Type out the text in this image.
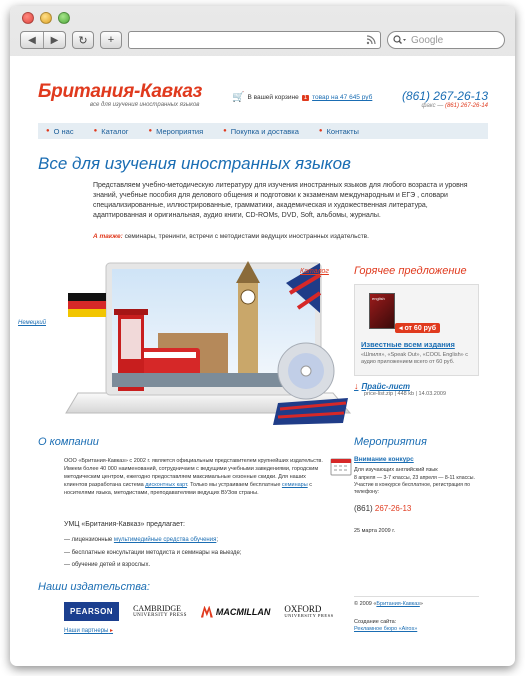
◀ ▶ ↻ +	Google
Британия-Кавказ
все для изучения иностранных языков
🛒 В вашей корзине 1 товар на 47 645 руб (861) 267-26-13
факс — (861) 267-26-14
● О нас	● Каталог	● Мероприятия	● Покупка и доставка	● Контакты
Все для изучения иностранных языков

Представляем учебно-методическую литературу для изучения иностранных языков для любого возраста и уровня знаний, учебные пособия для делового общения и подготовки к экзаменам международным и ЕГЭ , словари специализированные, иллюстрированные, грамматики, академическая и художественная литература, адаптированная и оригинальная, аудио книги, CD-ROMs, DVD, Soft, альбомы, журналы.

А также: семинары, тренинги, встречи с методистами ведущих иностранных издательств.

Немецкий
Каталог Горячее предложение
english
◂ от 60 руб
Известные всем издания
«Шпиля», «Speak Out», «COOL English» с аудио приложением всего от 60 руб.
↓ Прайс-лист
price-list.zip | 448 kb | 14.03.2009
О компании

ООО «Британия-Кавказ» с 2002 г. является официальным представителем крупнейших издательств. Имеем более 40 000 наименований, сотрудничаем с ведущими учебными заведениями, городским методическим центром, ежегодно предоставляем максимальные сезонные скидки. Для наших клиентов разработана система дисконтных карт. Только мы устраиваем бесплатные семинары с носителями языка, методистами, преподавателями ведущих ВУЗов страны.

УМЦ «Британия-Кавказ» предлагает:
— лицензионные мультимедийные средства обучения;
— бесплатные консультации методиста и семинары на выезде;
— обучение детей и взрослых.
Мероприятия
Внимание конкурс
Для изучающих английский язык
8 апреля — 3-7 классы, 23 апреля — 8-11 классы. Участие в конкурсе бесплатное, регистрация по телефону:
(861) 267-26-13
25 марта 2009 г.
Наши издательства:
PEARSON	CAMBRIDGE
UNIVERSITY PRESS	MACMILLAN OXFORD
UNIVERSITY PRESS
Наши партнеры ▸
© 2009 «Британия-Кавказ»
Создание сайта:
Рекламное бюро «Airos»
